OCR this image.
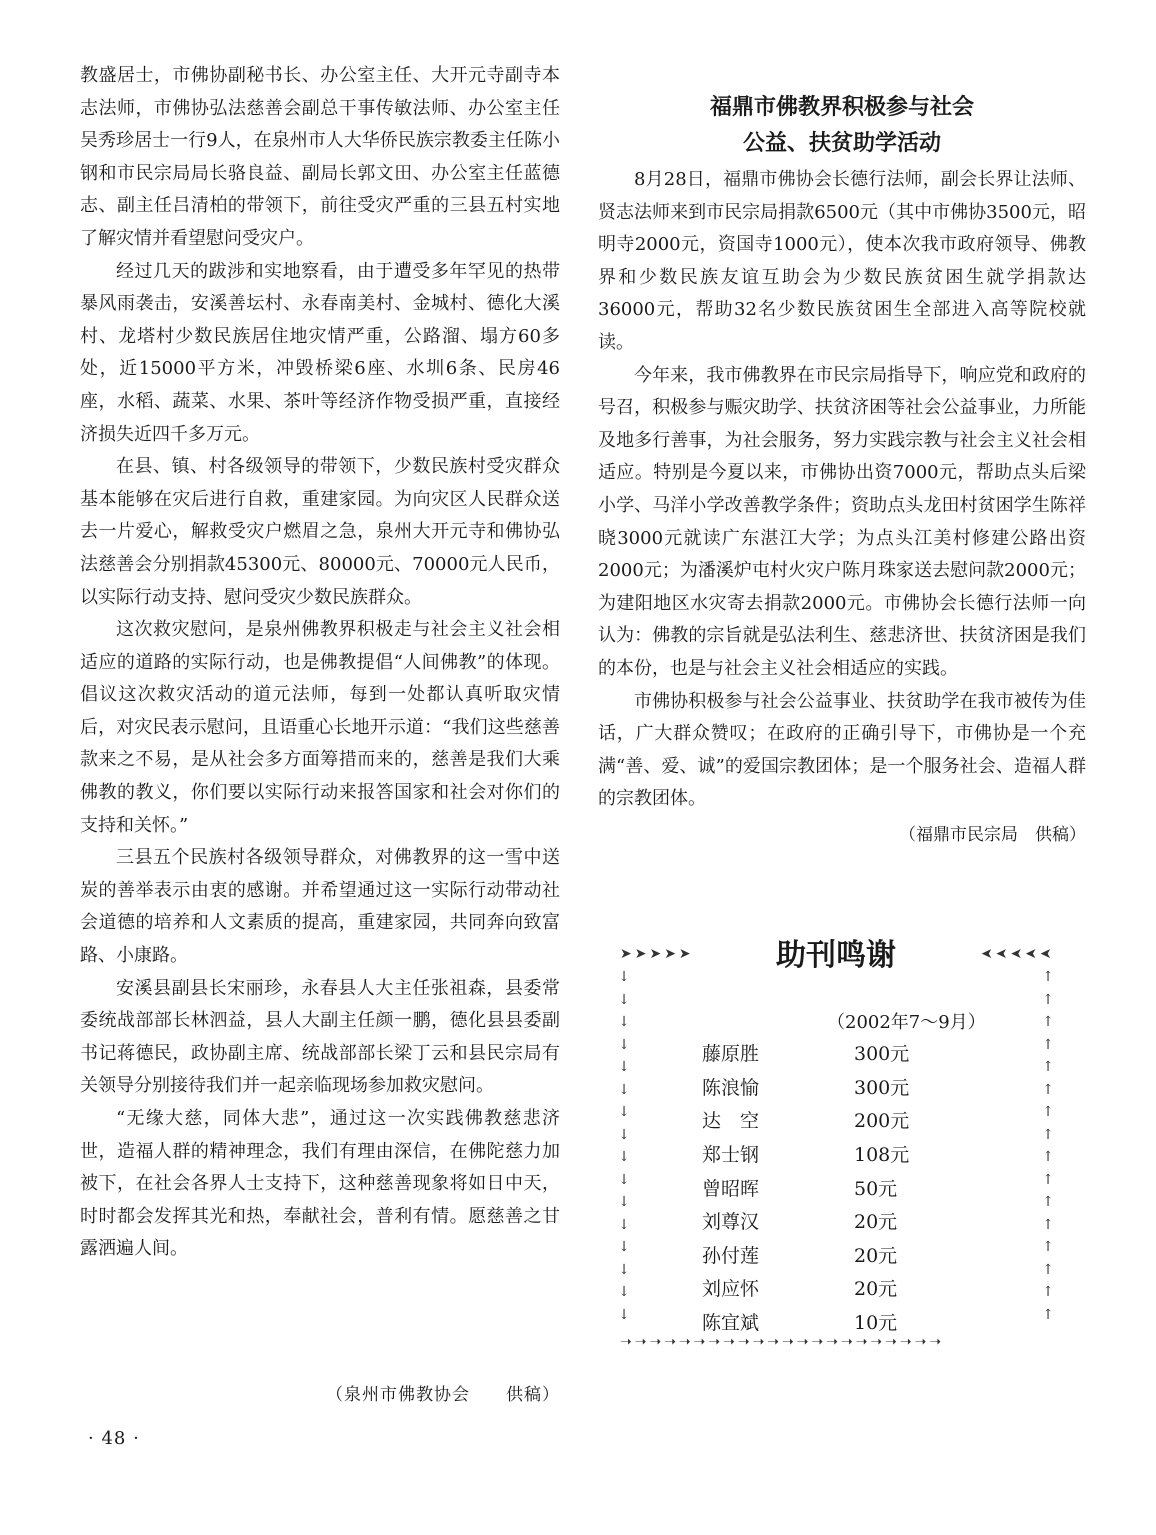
教盛居士，市佛协副秘书长、办公室主任、大开元寺副寺本志法师，市佛协弘法慈善会副总干事传敏法师、办公室主任吴秀珍居士一行9人，在泉州市人大华侨民族宗教委主任陈小钢和市民宗局局长骆良益、副局长郭文田、办公室主任蓝德志、副主任吕清柏的带领下，前往受灾严重的三县五村实地了解灾情并看望慰问受灾户。

经过几天的跋涉和实地察看，由于遭受多年罕见的热带暴风雨袭击，安溪善坛村、永春南美村、金城村、德化大溪村、龙塔村少数民族居住地灾情严重，公路溜、塌方60多处，近15000平方米，冲毁桥梁6座、水圳6条、民房46座，水稻、蔬菜、水果、茶叶等经济作物受损严重，直接经济损失近四千多万元。

在县、镇、村各级领导的带领下，少数民族村受灾群众基本能够在灾后进行自救，重建家园。为向灾区人民群众送去一片爱心，解救受灾户燃眉之急，泉州大开元寺和佛协弘法慈善会分别捐款45300元、80000元、70000元人民币，以实际行动支持、慰问受灾少数民族群众。

这次救灾慰问，是泉州佛教界积极走与社会主义社会相适应的道路的实际行动，也是佛教提倡“人间佛教”的体现。倡议这次救灾活动的道元法师，每到一处都认真听取灾情后，对灾民表示慰问，且语重心长地开示道：“我们这些慈善款来之不易，是从社会多方面筹措而来的，慈善是我们大乘佛教的教义，你们要以实际行动来报答国家和社会对你们的支持和关怀。”

三县五个民族村各级领导群众，对佛教界的这一雪中送炭的善举表示由衷的感谢。并希望通过这一实际行动带动社会道德的培养和人文素质的提高，重建家园，共同奔向致富路、小康路。

安溪县副县长宋丽珍，永春县人大主任张祖森，县委常委统战部部长林泗益，县人大副主任颜一鹏，德化县县委副书记蒋德民，政协副主席、统战部部长梁丁云和县民宗局有关领导分别接待我们并一起亲临现场参加救灾慰问。

“无缘大慈，同体大悲”，通过这一次实践佛教慈悲济世，造福人群的精神理念，我们有理由深信，在佛陀慈力加被下，在社会各界人士支持下，这种慈善现象将如日中天，时时都会发挥其光和热，奉献社会，普利有情。愿慈善之甘露洒遍人间。

（泉州市佛教协会　　供稿）
福鼎市佛教界积极参与社会
公益、扶贫助学活动

8月28日，福鼎市佛协会长德行法师，副会长界让法师、贤志法师来到市民宗局捐款6500元（其中市佛协3500元，昭明寺2000元，资国寺1000元），使本次我市政府领导、佛教界和少数民族友谊互助会为少数民族贫困生就学捐款达36000元，帮助32名少数民族贫困生全部进入高等院校就读。

今年来，我市佛教界在市民宗局指导下，响应党和政府的号召，积极参与赈灾助学、扶贫济困等社会公益事业，力所能及地多行善事，为社会服务，努力实践宗教与社会主义社会相适应。特别是今夏以来，市佛协出资7000元，帮助点头后梁小学、马洋小学改善教学条件；资助点头龙田村贫困学生陈祥晓3000元就读广东湛江大学；为点头江美村修建公路出资2000元；为潘溪炉屯村火灾户陈月珠家送去慰问款2000元；为建阳地区水灾寄去捐款2000元。市佛协会长德行法师一向认为：佛教的宗旨就是弘法利生、慈悲济世、扶贫济困是我们的本份，也是与社会主义社会相适应的实践。

市佛协积极参与社会公益事业、扶贫助学在我市被传为佳话，广大群众赞叹；在政府的正确引导下，市佛协是一个充满“善、爱、诚”的爱国宗教团体；是一个服务社会、造福人群的宗教团体。

（福鼎市民宗局　供稿）
➤➤➤➤➤	➤➤➤➤➤
助刊鸣谢
↓
↓
↓
↓
↓
↓
↓
↓
↓
↓
↓
↓
↓
↓
↓
↓
↑
↑
↑
↑
↑
↑
↑
↑
↑
↑
↑
↑
↑
↑
↑
↑
（2002年7～9月）
藤原胜	300元
陈浪愉	300元
达　空	200元
郑士钢	108元
曾昭晖	50元
刘尊汉	20元
孙付莲	20元
刘应怀	20元
陈宜斌	10元
➝➝➝➝➝➝➝➝➝➝➝➝➝➝➝➝➝➝➝➝➝➝
· 48 ·
